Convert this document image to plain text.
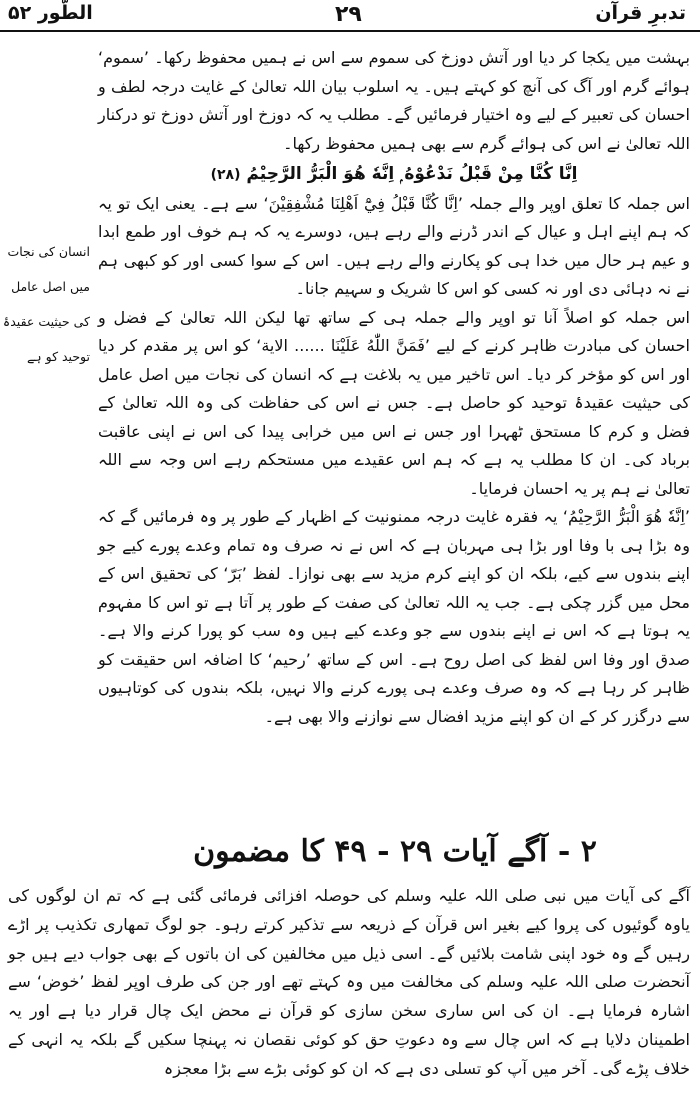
الطّور ۵۲	۲۹	تدبرِ قرآن

بہشت میں یکجا کر دیا اور آتش دوزخ کی سموم سے اس نے ہمیں محفوظ رکھا۔ ’سموم‘ ہوائے گرم اور آگ کی آنچ کو کہتے ہیں۔ یہ اسلوب بیان اللہ تعالیٰ کے غایت درجہ لطف و احسان کی تعبیر کے لیے وہ اختیار فرمائیں گے۔ مطلب یہ کہ دوزخ اور آتش دوزخ تو درکنار اللہ تعالیٰ نے اس کی ہوائے گرم سے بھی ہمیں محفوظ رکھا۔

اِنَّا كُنَّا مِنْ قَبْلُ نَدْعُوْهُ ۭ اِنَّهٗ هُوَ الْبَرُّ الرَّحِيْمُ (۲۸)

اس جملہ کا تعلق اوپر والے جملہ ’اِنَّا كُنَّا قَبْلُ فِيْٓ اَهْلِنَا مُشْفِقِيْنَ‘ سے ہے۔ یعنی ایک تو یہ کہ ہم اپنے اہل و عیال کے اندر ڈرنے والے رہے ہیں، دوسرے یہ کہ ہم خوف اور طمع ابدا و عیم ہر حال میں خدا ہی کو پکارنے والے رہے ہیں۔ اس کے سوا کسی اور کو کبھی ہم نے نہ دہائی دی اور نہ کسی کو اس کا شریک و سہیم جانا۔

اس جملہ کو اصلاً آنا تو اوپر والے جملہ ہی کے ساتھ تھا لیکن اللہ تعالیٰ کے فضل و احسان کی مبادرت ظاہر کرنے کے لیے ’فَمَنَّ اللّٰهُ عَلَيْنَا ...... الاية‘ کو اس پر مقدم کر دیا اور اس کو مؤخر کر دیا۔ اس تاخیر میں یہ بلاغت ہے کہ انسان کی نجات میں اصل عامل کی حیثیت عقیدۂ توحید کو حاصل ہے۔ جس نے اس کی حفاظت کی وہ اللہ تعالیٰ کے فضل و کرم کا مستحق ٹھہرا اور جس نے اس میں خرابی پیدا کی اس نے اپنی عاقبت برباد کی۔ ان کا مطلب یہ ہے کہ ہم اس عقیدے میں مستحکم رہے اس وجہ سے اللہ تعالیٰ نے ہم پر یہ احسان فرمایا۔

’اِنَّهٗ هُوَ الْبَرُّ الرَّحِيْمُ‘ یہ فقرہ غایت درجہ ممنونیت کے اظہار کے طور پر وہ فرمائیں گے کہ وہ بڑا ہی با وفا اور بڑا ہی مہربان ہے کہ اس نے نہ صرف وہ تمام وعدے پورے کیے جو اپنے بندوں سے کیے، بلکہ ان کو اپنے کرم مزید سے بھی نوازا۔ لفظ ’بَرّ‘ کی تحقیق اس کے محل میں گزر چکی ہے۔ جب یہ اللہ تعالیٰ کی صفت کے طور پر آتا ہے تو اس کا مفہوم یہ ہوتا ہے کہ اس نے اپنے بندوں سے جو وعدے کیے ہیں وہ سب کو پورا کرنے والا ہے۔ صدق اور وفا اس لفظ کی اصل روح ہے۔ اس کے ساتھ ’رحیم‘ کا اضافہ اس حقیقت کو ظاہر کر رہا ہے کہ وہ صرف وعدے ہی پورے کرنے والا نہیں، بلکہ بندوں کی کوتاہیوں سے درگزر کر کے ان کو اپنے مزید افضال سے نوازنے والا بھی ہے۔

انسان کی نجات
میں اصل عامل
کی حیثیت عقیدۂ
توحید کو ہے
۲ - آگے آیات ۲۹ - ۴۹ کا مضمون

آگے کی آیات میں نبی صلی اللہ علیہ وسلم کی حوصلہ افزائی فرمائی گئی ہے کہ تم ان لوگوں کی یاوہ گوئیوں کی پروا کیے بغیر اس قرآن کے ذریعہ سے تذکیر کرتے رہو۔ جو لوگ تمھاری تکذیب پر اڑے رہیں گے وہ خود اپنی شامت بلائیں گے۔ اسی ذیل میں مخالفین کی ان باتوں کے بھی جواب دیے ہیں جو آنحضرت صلی اللہ علیہ وسلم کی مخالفت میں وہ کہتے تھے اور جن کی طرف اوپر لفظ ’خوض‘ سے اشارہ فرمایا ہے۔ ان کی اس ساری سخن سازی کو قرآن نے محض ایک چال قرار دیا ہے اور یہ اطمینان دلایا ہے کہ اس چال سے وہ دعوتِ حق کو کوئی نقصان نہ پہنچا سکیں گے بلکہ یہ انہی کے خلاف پڑے گی۔ آخر میں آپ کو تسلی دی ہے کہ ان کو کوئی بڑے سے بڑا معجزہ
